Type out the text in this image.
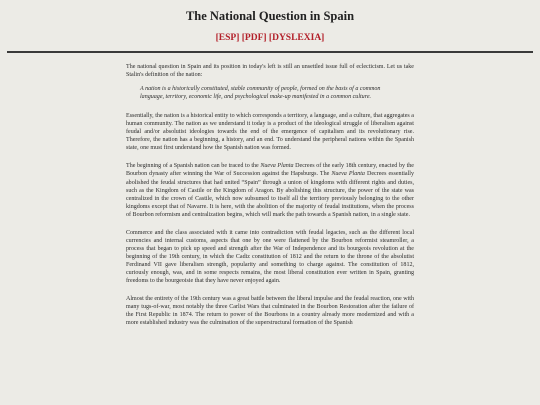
The National Question in Spain
[ESP] [PDF] [DYSLEXIA]

The national question in Spain and its position in today's left is still an unsettled issue full of eclecticism. Let us take Stalin's definition of the nation:

A nation is a historically constituted, stable community of people, formed on the basis of a common language, territory, economic life, and psychological make-up manifested in a common culture.

Essentially, the nation is a historical entity to which corresponds a territory, a language, and a culture, that aggregates a human community. The nation as we understand it today is a product of the ideological struggle of liberalism against feudal and/or absolutist ideologies towards the end of the emergence of capitalism and its revolutionary rise. Therefore, the nation has a beginning, a history, and an end. To understand the peripheral nations within the Spanish state, one must first understand how the Spanish nation was formed.

The beginning of a Spanish nation can be traced to the Nueva Planta Decrees of the early 18th century, enacted by the Bourbon dynasty after winning the War of Succession against the Hapsburgs. The Nueva Planta Decrees essentially abolished the feudal structures that had united “Spain” through a union of kingdoms with different rights and duties, such as the Kingdom of Castile or the Kingdom of Aragon. By abolishing this structure, the power of the state was centralized in the crown of Castile, which now subsumed to itself all the territory previously belonging to the other kingdoms except that of Navarre. It is here, with the abolition of the majority of feudal institutions, when the process of Bourbon reformism and centralization begins, which will mark the path towards a Spanish nation, in a single state.

Commerce and the class associated with it came into contradiction with feudal legacies, such as the different local currencies and internal customs, aspects that one by one were flattened by the Bourbon reformist steamroller, a process that began to pick up speed and strength after the War of Independence and its bourgeois revolution at the beginning of the 19th century, in which the Cadiz constitution of 1812 and the return to the throne of the absolutist Ferdinand VII gave liberalism strength, popularity and something to charge against. The constitution of 1812, curiously enough, was, and in some respects remains, the most liberal constitution ever written in Spain, granting freedoms to the bourgeoisie that they have never enjoyed again.

Almost the entirety of the 19th century was a great battle between the liberal impulse and the feudal reaction, one with many tugs-of-war, most notably the three Carlist Wars that culminated in the Bourbon Restoration after the failure of the First Republic in 1874. The return to power of the Bourbons in a country already more modernized and with a more established industry was the culmination of the superstructural formation of the Spanish
